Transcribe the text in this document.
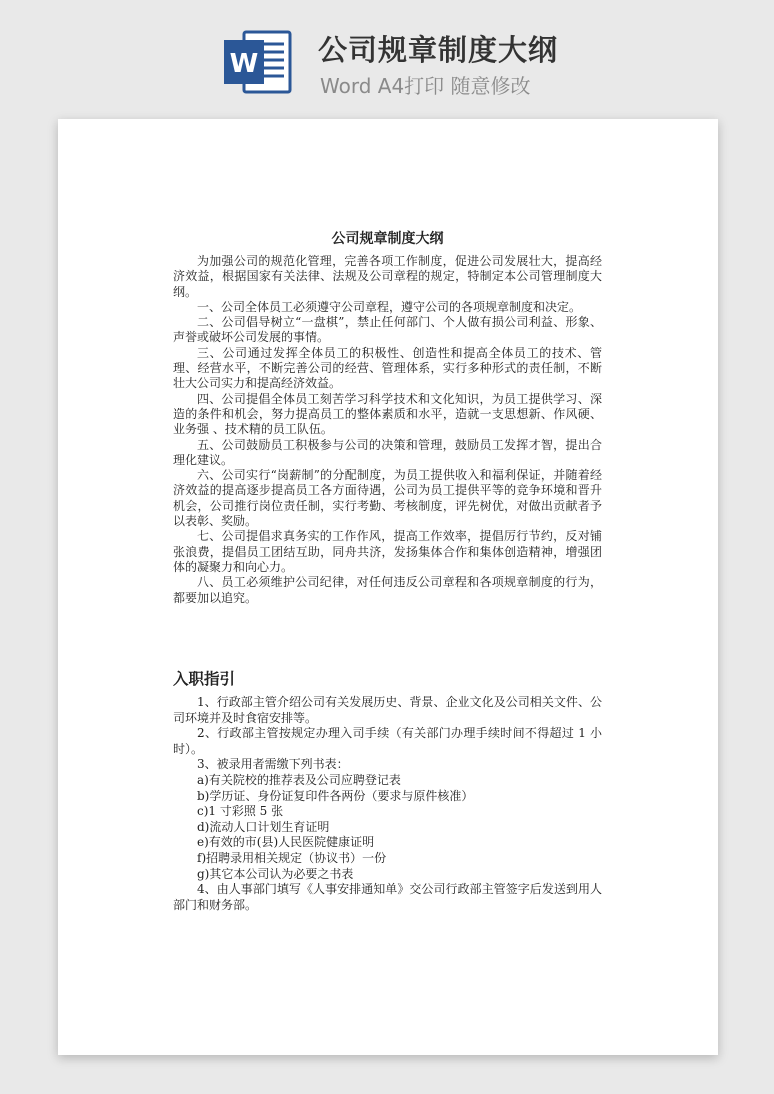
W 公司规章制度大纲
Word A4打印 随意修改

公司规章制度大纲

为加强公司的规范化管理，完善各项工作制度，促进公司发展壮大，提高经济效益，根据国家有关法律、法规及公司章程的规定，特制定本公司管理制度大纲。

一、公司全体员工必须遵守公司章程，遵守公司的各项规章制度和决定。

二、公司倡导树立“一盘棋”，禁止任何部门、个人做有损公司利益、形象、声誉或破坏公司发展的事情。

三、公司通过发挥全体员工的积极性、创造性和提高全体员工的技术、管理、经营水平，不断完善公司的经营、管理体系，实行多种形式的责任制，不断壮大公司实力和提高经济效益。

四、公司提倡全体员工刻苦学习科学技术和文化知识，为员工提供学习、深造的条件和机会，努力提高员工的整体素质和水平，造就一支思想新、作风硬、业务强 、技术精的员工队伍。

五、公司鼓励员工积极参与公司的决策和管理，鼓励员工发挥才智，提出合理化建议。

六、公司实行“岗薪制”的分配制度，为员工提供收入和福利保证，并随着经济效益的提高逐步提高员工各方面待遇，公司为员工提供平等的竞争环境和晋升机会，公司推行岗位责任制，实行考勤、考核制度，评先树优，对做出贡献者予以表彰、奖励。

七、公司提倡求真务实的工作作风，提高工作效率，提倡厉行节约，反对铺张浪费，提倡员工团结互助，同舟共济，发扬集体合作和集体创造精神，增强团体的凝聚力和向心力。

八、员工必须维护公司纪律，对任何违反公司章程和各项规章制度的行为，都要加以追究。

入职指引

1、行政部主管介绍公司有关发展历史、背景、企业文化及公司相关文件、公司环境并及时食宿安排等。

2、行政部主管按规定办理入司手续（有关部门办理手续时间不得超过 1 小时）。

3、被录用者需缴下列书表：

a)有关院校的推荐表及公司应聘登记表

b)学历证、身份证复印件各两份（要求与原件核准）

c)1 寸彩照 5 张

d)流动人口计划生育证明

e)有效的市(县)人民医院健康证明

f)招聘录用相关规定（协议书）一份

g)其它本公司认为必要之书表

4、由人事部门填写《人事安排通知单》交公司行政部主管签字后发送到用人部门和财务部。
